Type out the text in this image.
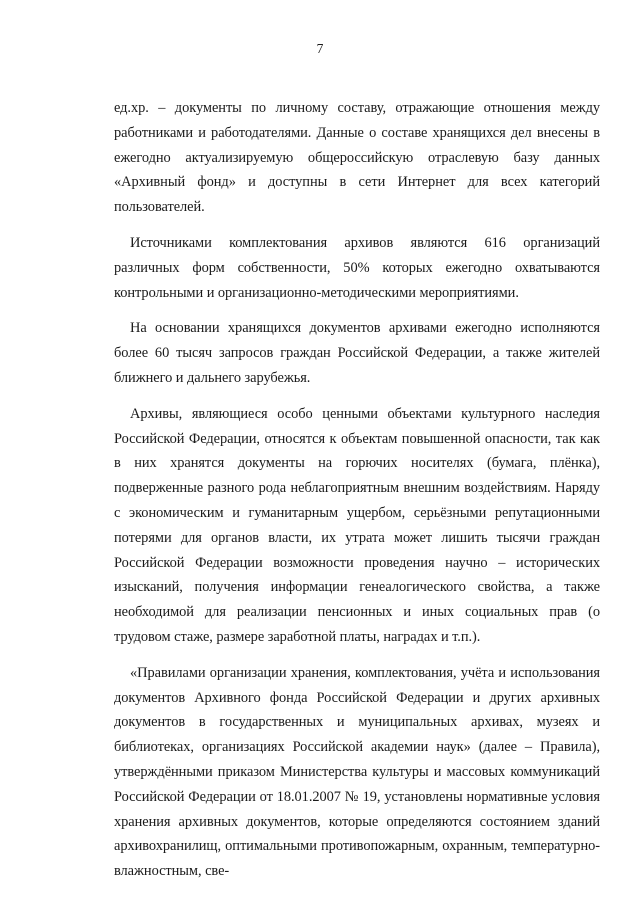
7

ед.хр. – документы по личному составу, отражающие отношения между работниками и работодателями. Данные о составе хранящихся дел внесены в ежегодно актуализируемую общероссийскую отраслевую базу данных «Архивный фонд» и доступны в сети Интернет для всех категорий пользователей.

Источниками комплектования архивов являются 616 организаций различных форм собственности, 50% которых ежегодно охватываются контрольными и организационно-методическими мероприятиями.

На основании хранящихся документов архивами ежегодно исполняются более 60 тысяч запросов граждан Российской Федерации, а также жителей ближнего и дальнего зарубежья.

Архивы, являющиеся особо ценными объектами культурного наследия Российской Федерации, относятся к объектам повышенной опасности, так как в них хранятся документы на горючих носителях (бумага, плёнка), подверженные разного рода неблагоприятным внешним воздействиям. Наряду с экономическим и гуманитарным ущербом, серьёзными репутационными потерями для органов власти, их утрата может лишить тысячи граждан Российской Федерации возможности проведения научно – исторических изысканий, получения информации генеалогического свойства, а также необходимой для реализации пенсионных и иных социальных прав (о трудовом стаже, размере заработной платы, наградах и т.п.).

«Правилами организации хранения, комплектования, учёта и использования документов Архивного фонда Российской Федерации и других архивных документов в государственных и муниципальных архивах, музеях и библиотеках, организациях Российской академии наук» (далее – Правила), утверждёнными приказом Министерства культуры и массовых коммуникаций Российской Федерации от 18.01.2007 № 19, установлены нормативные условия хранения архивных документов, которые определяются состоянием зданий архивохранилищ, оптимальными противопожарным, охранным, температурно-влажностным, све-
